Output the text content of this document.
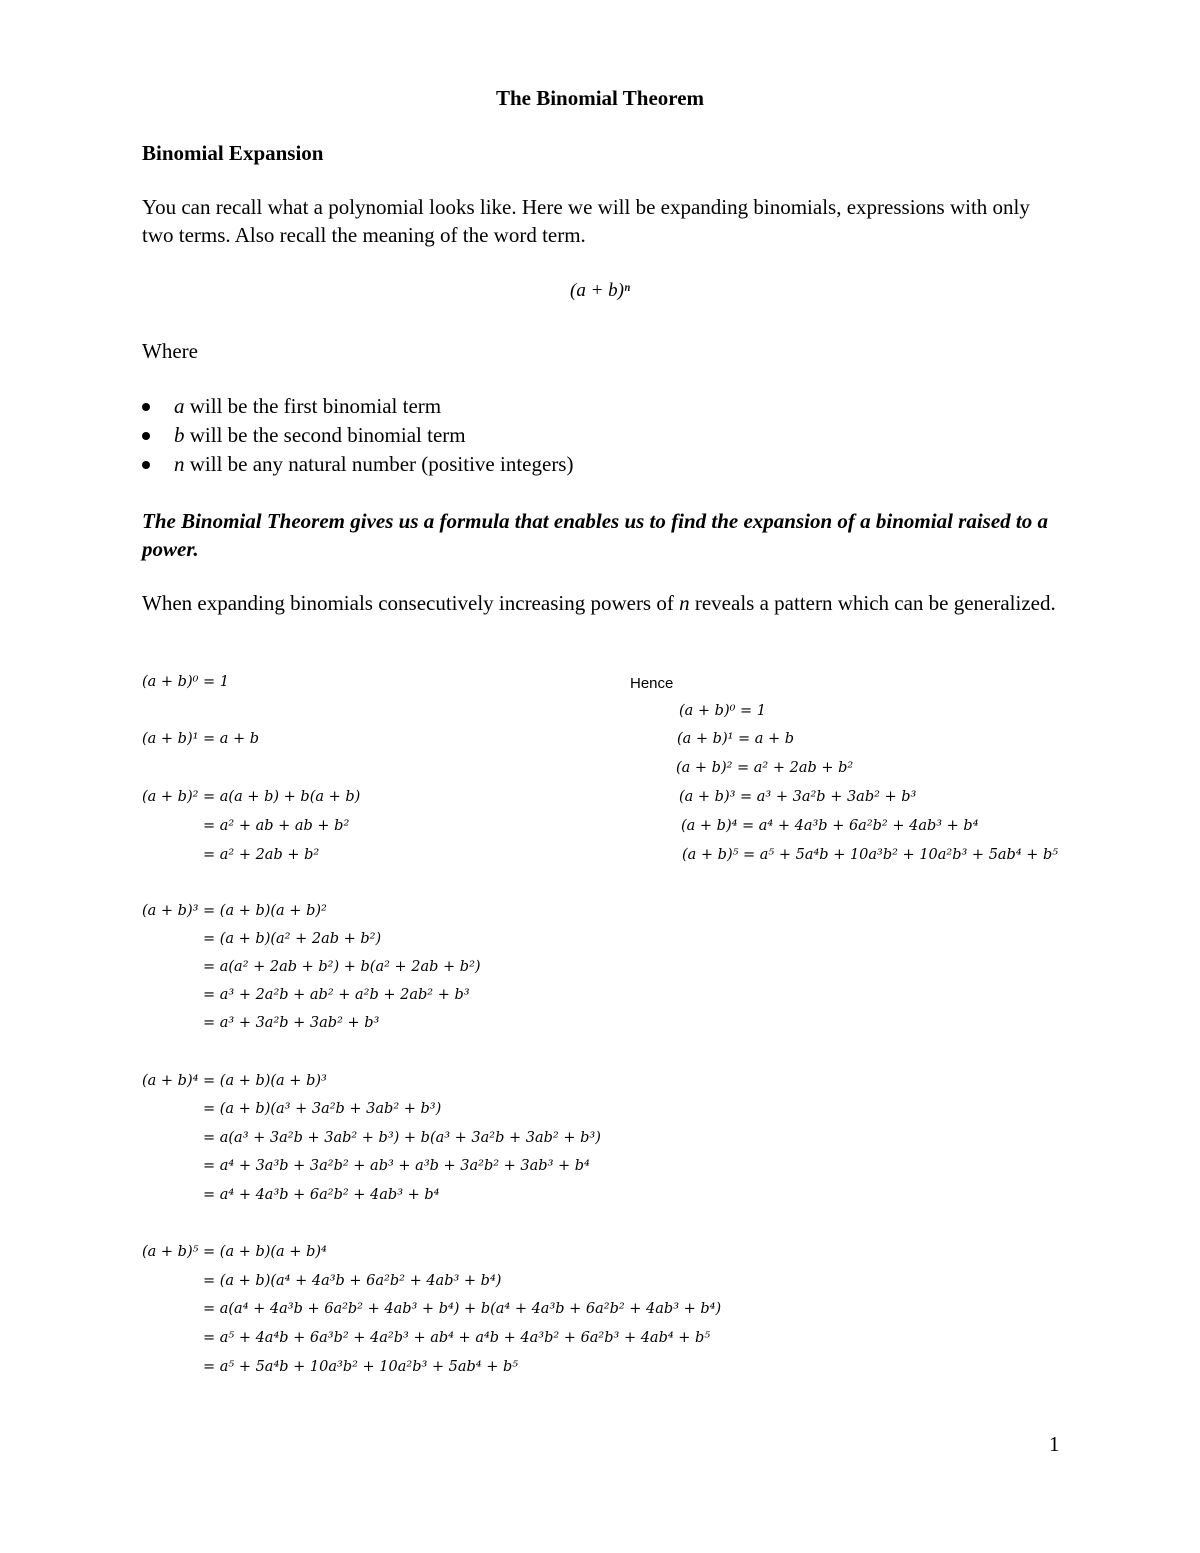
The Binomial Theorem
Binomial Expansion
You can recall what a polynomial looks like. Here we will be expanding binomials, expressions with only two terms. Also recall the meaning of the word term.
(a + b)ⁿ
Where
a will be the first binomial term
b will be the second binomial term
n will be any natural number (positive integers)
The Binomial Theorem gives us a formula that enables us to find the expansion of a binomial raised to a power.
When expanding binomials consecutively increasing powers of n reveals a pattern which can be generalized.
(a + b)⁰ = 1
(a + b)¹ = a + b
(a + b)² = a(a + b) + b(a + b)
= a² + ab + ab + b²
= a² + 2ab + b²
(a + b)³ = (a + b)(a + b)²
= (a + b)(a² + 2ab + b²)
= a(a² + 2ab + b²) + b(a² + 2ab + b²)
= a³ + 2a²b + ab² + a²b + 2ab² + b³
= a³ + 3a²b + 3ab² + b³
(a + b)⁴ = (a + b)(a + b)³
= (a + b)(a³ + 3a²b + 3ab² + b³)
= a(a³ + 3a²b + 3ab² + b³) + b(a³ + 3a²b + 3ab² + b³)
= a⁴ + 3a³b + 3a²b² + ab³ + a³b + 3a²b² + 3ab³ + b⁴
= a⁴ + 4a³b + 6a²b² + 4ab³ + b⁴
(a + b)⁵ = (a + b)(a + b)⁴
= (a + b)(a⁴ + 4a³b + 6a²b² + 4ab³ + b⁴)
= a(a⁴ + 4a³b + 6a²b² + 4ab³ + b⁴) + b(a⁴ + 4a³b + 6a²b² + 4ab³ + b⁴)
= a⁵ + 4a⁴b + 6a³b² + 4a²b³ + ab⁴ + a⁴b + 4a³b² + 6a²b³ + 4ab⁴ + b⁵
= a⁵ + 5a⁴b + 10a³b² + 10a²b³ + 5ab⁴ + b⁵
Hence
(a + b)⁰ = 1
(a + b)¹ = a + b
(a + b)² = a² + 2ab + b²
(a + b)³ = a³ + 3a²b + 3ab² + b³
(a + b)⁴ = a⁴ + 4a³b + 6a²b² + 4ab³ + b⁴
(a + b)⁵ = a⁵ + 5a⁴b + 10a³b² + 10a²b³ + 5ab⁴ + b⁵
1
